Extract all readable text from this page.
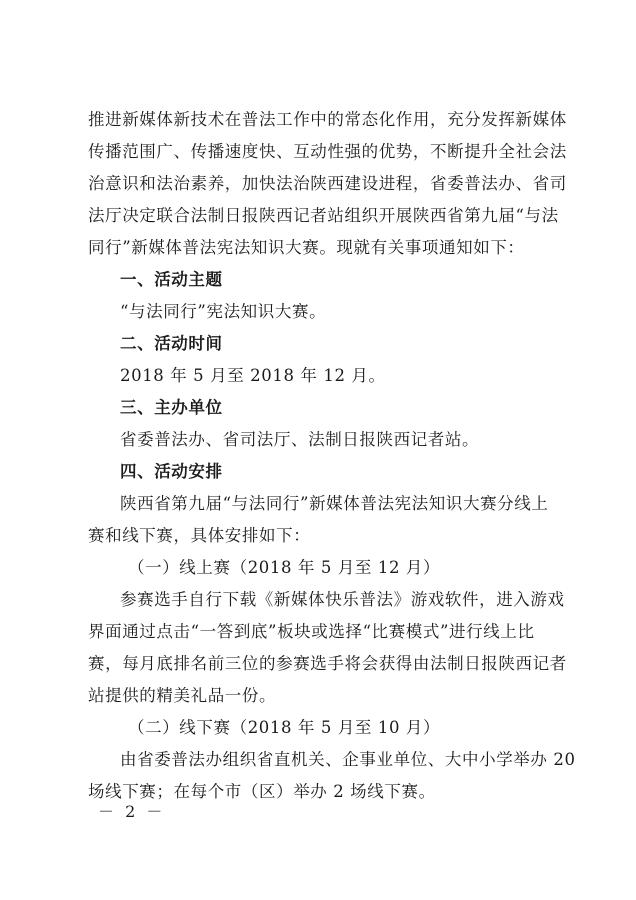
推进新媒体新技术在普法工作中的常态化作用，充分发挥新媒体
传播范围广、传播速度快、互动性强的优势，不断提升全社会法
治意识和法治素养，加快法治陕西建设进程，省委普法办、省司
法厅决定联合法制日报陕西记者站组织开展陕西省第九届“与法
同行”新媒体普法宪法知识大赛。现就有关事项通知如下：
一、活动主题
“与法同行”宪法知识大赛。
二、活动时间
2018 年 5 月至 2018 年 12 月。
三、主办单位
省委普法办、省司法厅、法制日报陕西记者站。
四、活动安排
陕西省第九届“与法同行”新媒体普法宪法知识大赛分线上
赛和线下赛，具体安排如下：
（一）线上赛（2018 年 5 月至 12 月）
参赛选手自行下载《新媒体快乐普法》游戏软件，进入游戏
界面通过点击“一答到底”板块或选择“比赛模式”进行线上比
赛，每月底排名前三位的参赛选手将会获得由法制日报陕西记者
站提供的精美礼品一份。
（二）线下赛（2018 年 5 月至 10 月）
由省委普法办组织省直机关、企事业单位、大中小学举办 20
场线下赛；在每个市（区）举办 2 场线下赛。
－ 2 －
